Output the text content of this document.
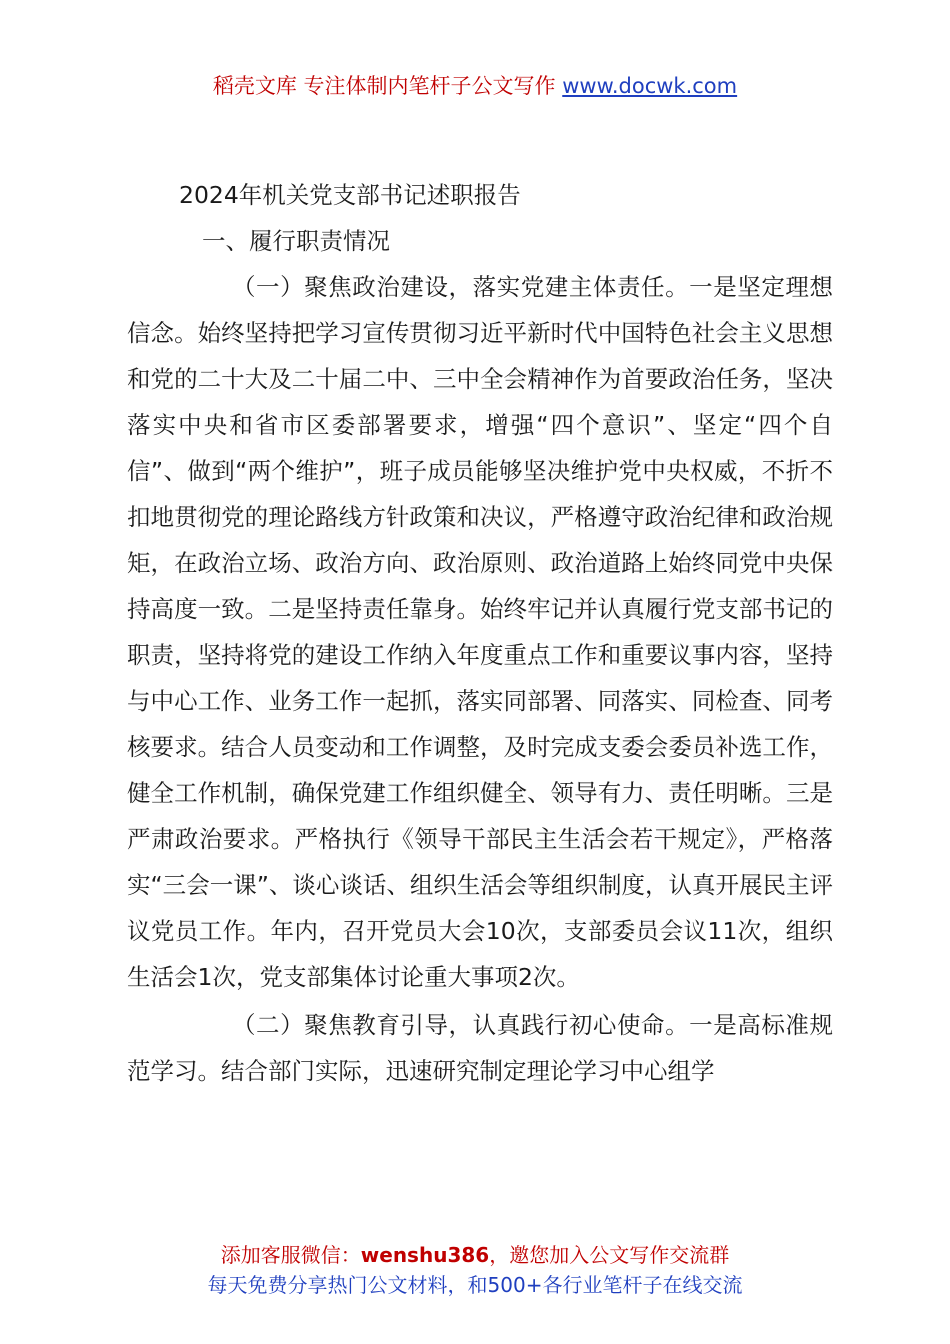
稻壳文库 专注体制内笔杆子公文写作 www.docwk.com

2024年机关党支部书记述职报告

一、履行职责情况

（一）聚焦政治建设，落实党建主体责任。一是坚定理想信念。始终坚持把学习宣传贯彻习近平新时代中国特色社会主义思想和党的二十大及二十届二中、三中全会精神作为首要政治任务，坚决落实中央和省市区委部署要求，增强“四个意识”、坚定“四个自信”、做到“两个维护”，班子成员能够坚决维护党中央权威，不折不扣地贯彻党的理论路线方针政策和决议，严格遵守政治纪律和政治规矩，在政治立场、政治方向、政治原则、政治道路上始终同党中央保持高度一致。二是坚持责任靠身。始终牢记并认真履行党支部书记的职责，坚持将党的建设工作纳入年度重点工作和重要议事内容，坚持与中心工作、业务工作一起抓，落实同部署、同落实、同检查、同考核要求。结合人员变动和工作调整，及时完成支委会委员补选工作，健全工作机制，确保党建工作组织健全、领导有力、责任明晰。三是严肃政治要求。严格执行《领导干部民主生活会若干规定》，严格落实“三会一课”、谈心谈话、组织生活会等组织制度，认真开展民主评议党员工作。年内，召开党员大会10次，支部委员会议11次，组织生活会1次，党支部集体讨论重大事项2次。

（二）聚焦教育引导，认真践行初心使命。一是高标准规范学习。结合部门实际，迅速研究制定理论学习中心组学

添加客服微信：wenshu386，邀您加入公文写作交流群
每天免费分享热门公文材料，和500+各行业笔杆子在线交流
